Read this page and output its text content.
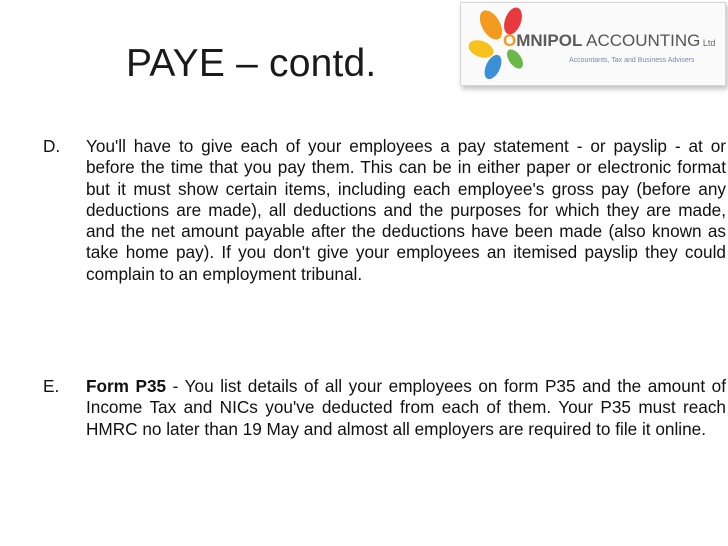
PAYE – contd.
OMNIPOL ACCOUNTING Ltd
Accountants, Tax and Business Advisers
D. You'll have to give each of your employees a pay statement - or payslip - at or before the time that you pay them. This can be in either paper or electronic format but it must show certain items, including each employee's gross pay (before any deductions are made), all deductions and the purposes for which they are made, and the net amount payable after the deductions have been made (also known as take home pay). If you don't give your employees an itemised payslip they could complain to an employment tribunal.
E. Form P35 - You list details of all your employees on form P35 and the amount of Income Tax and NICs you've deducted from each of them. Your P35 must reach HMRC no later than 19 May and almost all employers are required to file it online.
